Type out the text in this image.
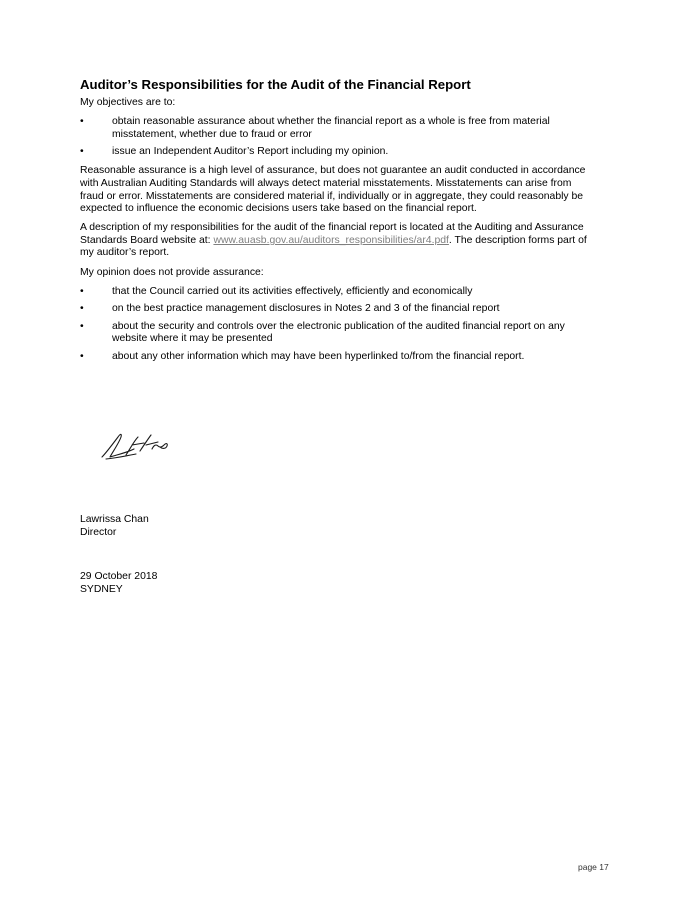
Auditor’s Responsibilities for the Audit of the Financial Report

My objectives are to:

•	obtain reasonable assurance about whether the financial report as a whole is free from material misstatement, whether due to fraud or error
•	issue an Independent Auditor’s Report including my opinion.

Reasonable assurance is a high level of assurance, but does not guarantee an audit conducted in accordance with Australian Auditing Standards will always detect material misstatements. Misstatements can arise from fraud or error. Misstatements are considered material if, individually or in aggregate, they could reasonably be expected to influence the economic decisions users take based on the financial report.

A description of my responsibilities for the audit of the financial report is located at the Auditing and Assurance Standards Board website at: www.auasb.gov.au/auditors_responsibilities/ar4.pdf. The description forms part of my auditor’s report.

My opinion does not provide assurance:

•	that the Council carried out its activities effectively, efficiently and economically
•	on the best practice management disclosures in Notes 2 and 3 of the financial report
•	about the security and controls over the electronic publication of the audited financial report on any website where it may be presented
•	about any other information which may have been hyperlinked to/from the financial report.
Lawrissa Chan
Director
29 October 2018
SYDNEY
page 17
